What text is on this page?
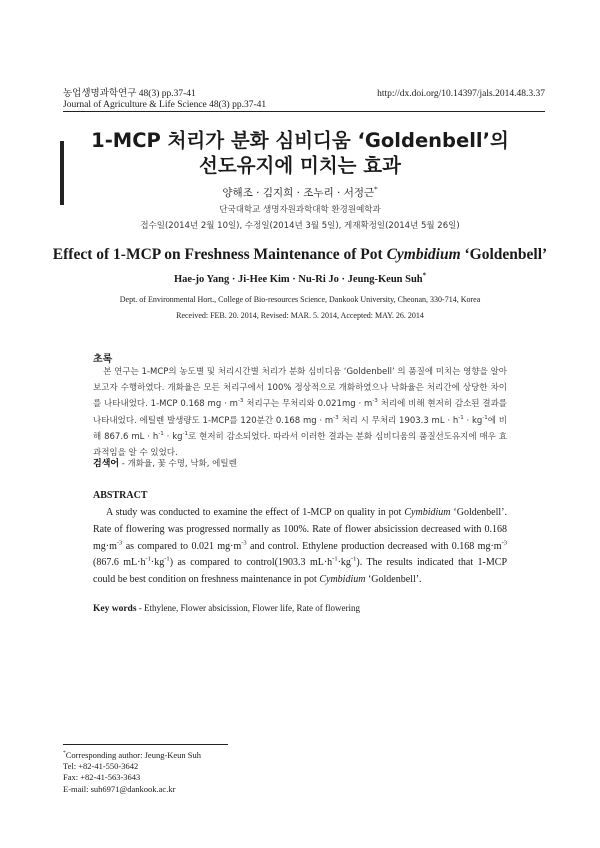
농업생명과학연구 48(3) pp.37-41	http://dx.doi.org/10.14397/jals.2014.48.3.37
Journal of Agriculture & Life Science 48(3) pp.37-41
1-MCP 처리가 분화 심비디움 ‘Goldenbell’의
선도유지에 미치는 효과
양해조 · 김지희 · 조누리 · 서정근*
단국대학교 생명자원과학대학 환경원예학과
접수일(2014년 2월 10일), 수정일(2014년 3월 5일), 게재확정일(2014년 5월 26일)
Effect of 1-MCP on Freshness Maintenance of Pot Cymbidium ‘Goldenbell’
Hae-jo Yang · Ji-Hee Kim · Nu-Ri Jo · Jeung-Keun Suh*
Dept. of Environmental Hort., College of Bio-resources Science, Dankook University, Cheonan, 330-714, Korea
Received: FEB. 20. 2014, Revised: MAR. 5. 2014, Accepted: MAY. 26. 2014
초록
본 연구는 1-MCP의 농도별 및 처리시간별 처리가 분화 심비디움 ‘Goldenbell’ 의 품질에 미치는 영향을 알아보고자 수행하였다. 개화율은 모든 처리구에서 100% 정상적으로 개화하였으나 낙화율은 처리간에 상당한 차이를 나타내었다. 1-MCP 0.168 mg · $m^{-3}$ 처리구는 무처리와 $0.021mg \cdot m^{-3}$ 처리에 비해 현저히 감소된 결과를 나타내었다. 에틸렌 발생량도 1-MCP를 120분간 0.168 mg · $m^{-3}$ 처리 시 무처리 1903.3 mL · $h^{-1} \cdot kg^{-1}$에 비해 867.6 mL · $h^{-1} \cdot kg^{-1}$로 현저히 감소되었다. 따라서 이러한 결과는 분화 심비디움의 품질선도유지에 매우 효과적임을 알 수 있었다.
검색어 - 개화율, 꽃 수명, 낙화, 에틸렌
ABSTRACT
A study was conducted to examine the effect of 1-MCP on quality in pot Cymbidium ‘Goldenbell’. Rate of flowering was progressed normally as 100%. Rate of flower absicission decreased with 0.168 $mg\cdot m^{-3}$ as compared to 0.021 $mg\cdot m^{-3}$ and control. Ethylene production decreased with 0.168 $mg\cdot m^{-3}$ (867.6 $mL\cdot h^{-1}\cdot kg^{-1}$) as compared to control(1903.3 $mL\cdot h^{-1}\cdot kg^{-1}$). The results indicated that 1-MCP could be best condition on freshness maintenance in pot Cymbidium ‘Goldenbell’.
Key words - Ethylene, Flower absicission, Flower life, Rate of flowering
*Corresponding author: Jeung-Keun Suh
Tel: +82-41-550-3642
Fax: +82-41-563-3643
E-mail: suh6971@dankook.ac.kr
